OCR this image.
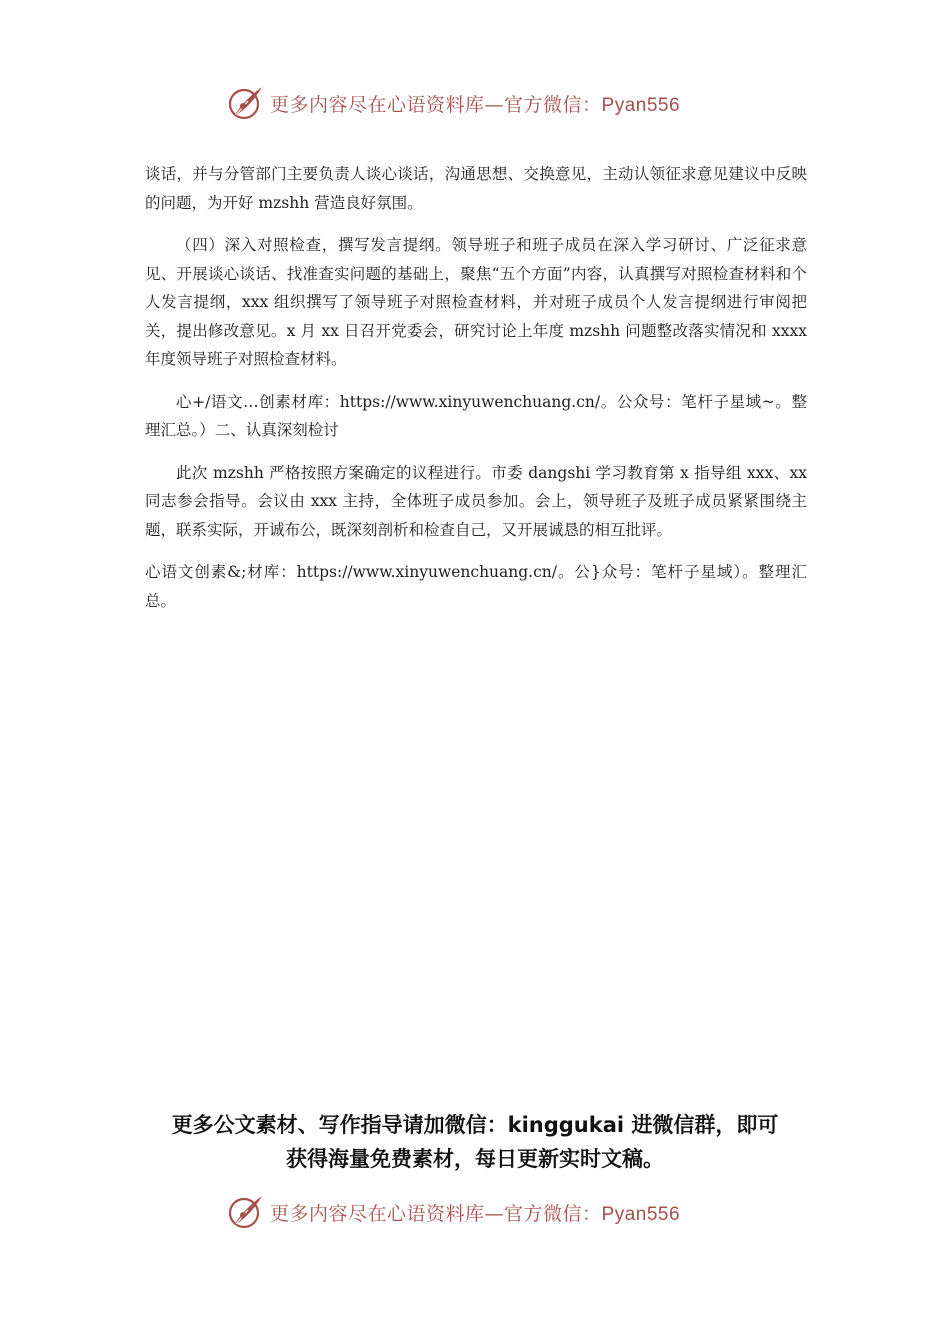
更多内容尽在心语资料库—官方微信：Pyan556

谈话，并与分管部门主要负责人谈心谈话，沟通思想、交换意见，主动认领征求意见建议中反映的问题，为开好 mzshh 营造良好氛围。

（四）深入对照检查，撰写发言提纲。领导班子和班子成员在深入学习研讨、广泛征求意见、开展谈心谈话、找准查实问题的基础上，聚焦“五个方面”内容，认真撰写对照检查材料和个人发言提纲，xxx 组织撰写了领导班子对照检查材料，并对班子成员个人发言提纲进行审阅把关，提出修改意见。x 月 xx 日召开党委会，研究讨论上年度 mzshh 问题整改落实情况和 xxxx 年度领导班子对照检查材料。

心+/语文…创素材库：https://www.xinyuwenchuang.cn/。公众号：笔杆子星域~。整理汇总。）二、认真深刻检讨

此次 mzshh 严格按照方案确定的议程进行。市委 dangshi 学习教育第 x 指导组 xxx、xx 同志参会指导。会议由 xxx 主持，全体班子成员参加。会上，领导班子及班子成员紧紧围绕主题，联系实际，开诚布公，既深刻剖析和检查自己，又开展诚恳的相互批评。

心语文创素&;材库：https://www.xinyuwenchuang.cn/。公}众号：笔杆子星域）。整理汇总。

更多公文素材、写作指导请加微信：kinggukai 进微信群，即可
获得海量免费素材，每日更新实时文稿。
更多内容尽在心语资料库—官方微信：Pyan556
